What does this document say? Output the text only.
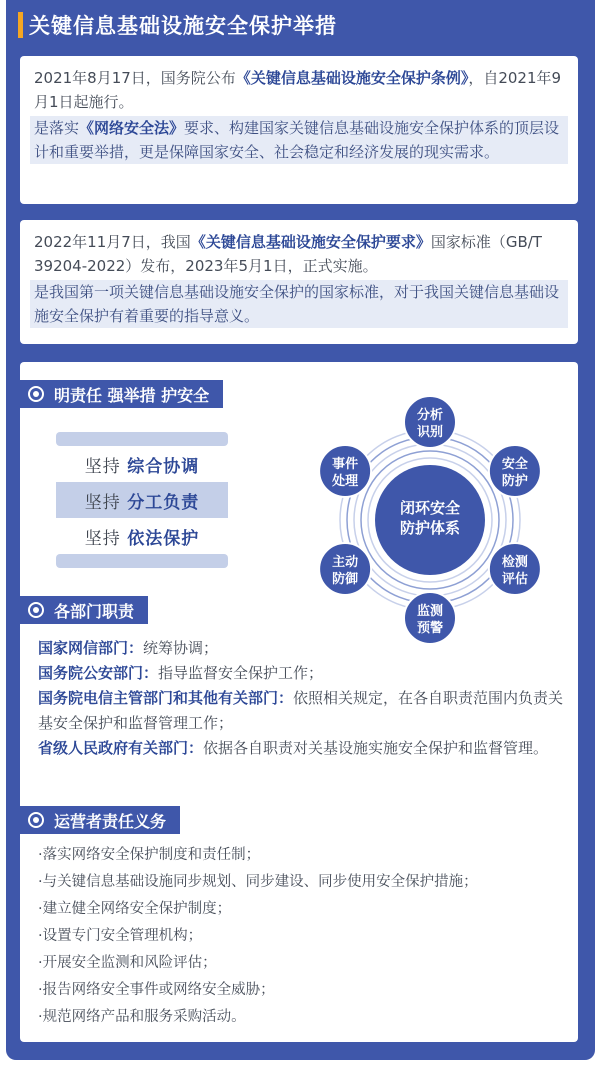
关键信息基础设施安全保护举措
2021年8月17日，国务院公布《关键信息基础设施安全保护条例》，自2021年9月1日起施行。
是落实《网络安全法》要求、构建国家关键信息基础设施安全保护体系的顶层设计和重要举措，更是保障国家安全、社会稳定和经济发展的现实需求。
2022年11月7日，我国《关键信息基础设施安全保护要求》国家标准（GB/T 39204-2022）发布，2023年5月1日，正式实施。
是我国第一项关键信息基础设施安全保护的国家标准，对于我国关键信息基础设施安全保护有着重要的指导意义。
明责任 强举措 护安全
坚持
综合协调
坚持
分工负责
坚持
依法保护
闭环安全
防护体系
分析
识别
安全
防护
检测
评估
监测
预警
主动
防御
事件
处理
各部门职责
国家网信部门：统筹协调；
国务院公安部门：指导监督安全保护工作；
国务院电信主管部门和其他有关部门：依照相关规定，在各自职责范围内负责关基安全保护和监督管理工作；
省级人民政府有关部门：依据各自职责对关基设施实施安全保护和监督管理。
运营者责任义务
·落实网络安全保护制度和责任制；
·与关键信息基础设施同步规划、同步建设、同步使用安全保护措施；
·建立健全网络安全保护制度；
·设置专门安全管理机构；
·开展安全监测和风险评估；
·报告网络安全事件或网络安全威胁；
·规范网络产品和服务采购活动。
